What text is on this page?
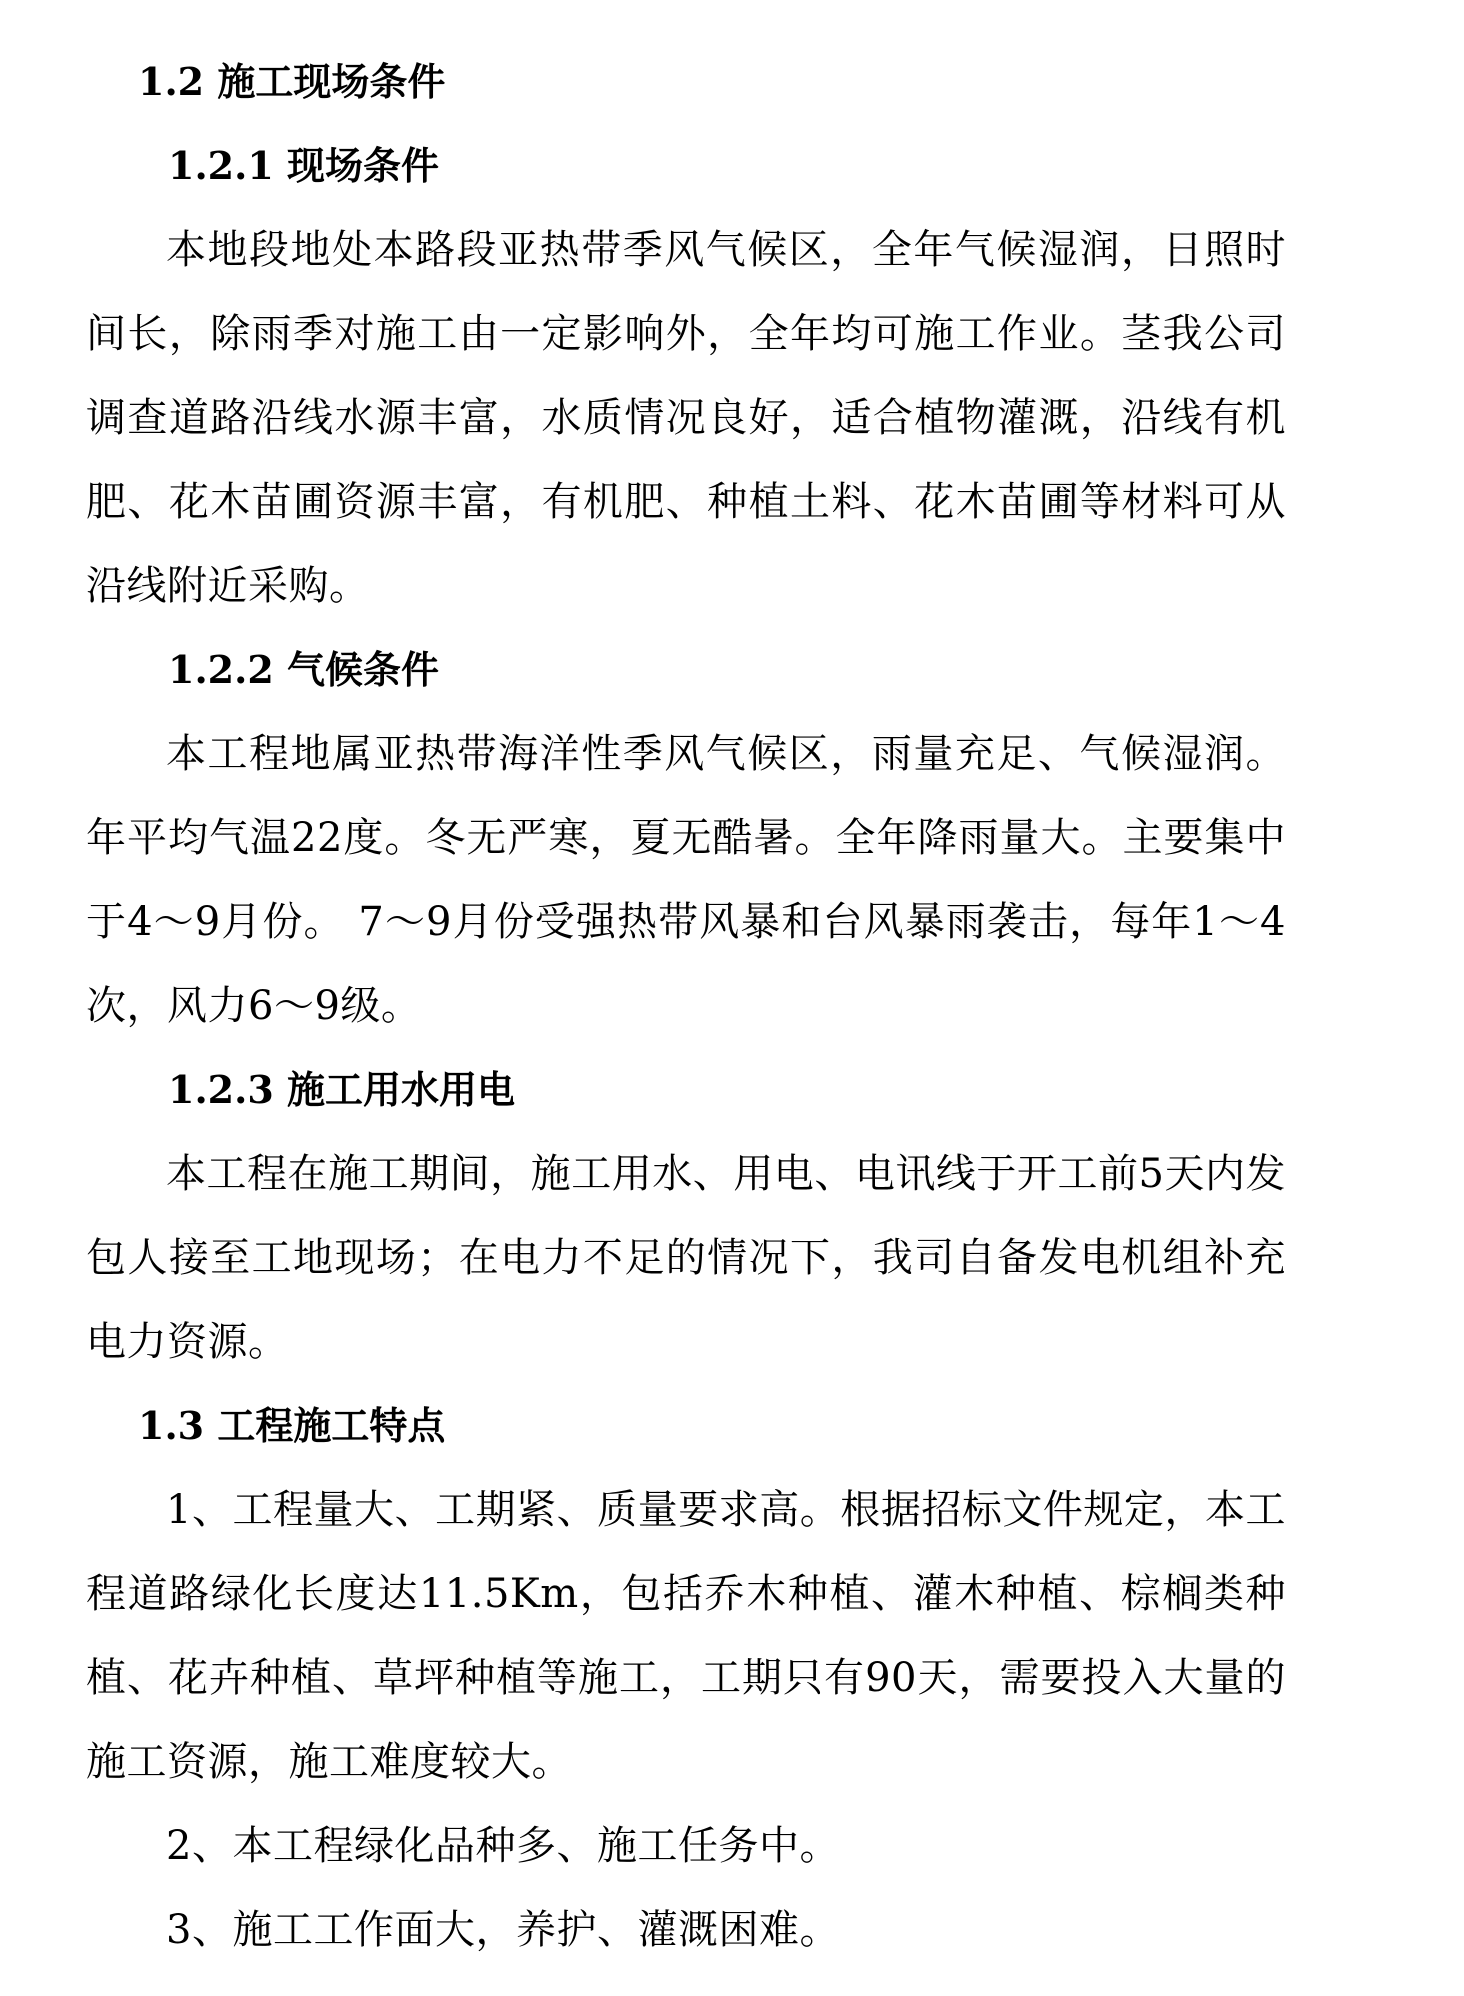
1.2 施工现场条件
1.2.1 现场条件

本地段地处本路段亚热带季风气候区，全年气候湿润，日照时间长，除雨季对施工由一定影响外，全年均可施工作业。茎我公司调查道路沿线水源丰富，水质情况良好，适合植物灌溉，沿线有机肥、花木苗圃资源丰富，有机肥、种植土料、花木苗圃等材料可从沿线附近采购。

1.2.2 气候条件

本工程地属亚热带海洋性季风气候区，雨量充足、气候湿润。年平均气温22度。冬无严寒，夏无酷暑。全年降雨量大。主要集中于4～9月份。 7～9月份受强热带风暴和台风暴雨袭击，每年1～4次，风力6～9级。

1.2.3 施工用水用电

本工程在施工期间，施工用水、用电、电讯线于开工前5天内发包人接至工地现场；在电力不足的情况下，我司自备发电机组补充电力资源。

1.3 工程施工特点

1、工程量大、工期紧、质量要求高。根据招标文件规定，本工程道路绿化长度达11.5Km，包括乔木种植、灌木种植、棕榈类种植、花卉种植、草坪种植等施工，工期只有90天，需要投入大量的施工资源，施工难度较大。

2、本工程绿化品种多、施工任务中。

3、施工工作面大，养护、灌溉困难。
